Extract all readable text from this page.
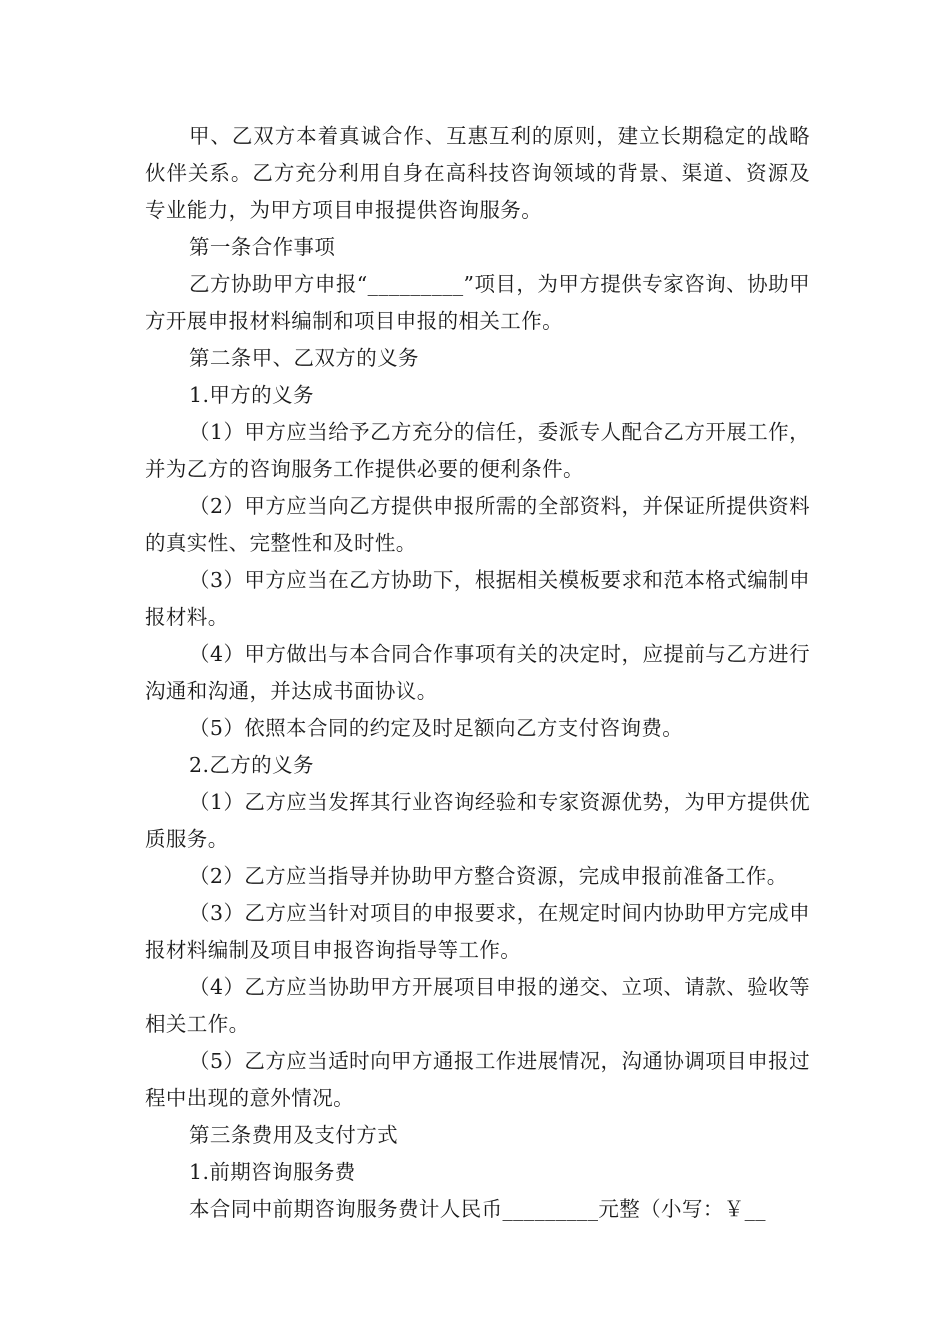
甲、乙双方本着真诚合作、互惠互利的原则，建立长期稳定的战略伙伴关系。乙方充分利用自身在高科技咨询领域的背景、渠道、资源及专业能力，为甲方项目申报提供咨询服务。

第一条合作事项

乙方协助甲方申报“_________”项目，为甲方提供专家咨询、协助甲方开展申报材料编制和项目申报的相关工作。

第二条甲、乙双方的义务

1.甲方的义务

（1）甲方应当给予乙方充分的信任，委派专人配合乙方开展工作，并为乙方的咨询服务工作提供必要的便利条件。

（2）甲方应当向乙方提供申报所需的全部资料，并保证所提供资料的真实性、完整性和及时性。

（3）甲方应当在乙方协助下，根据相关模板要求和范本格式编制申报材料。

（4）甲方做出与本合同合作事项有关的决定时，应提前与乙方进行沟通和沟通，并达成书面协议。

（5）依照本合同的约定及时足额向乙方支付咨询费。

2.乙方的义务

（1）乙方应当发挥其行业咨询经验和专家资源优势，为甲方提供优质服务。

（2）乙方应当指导并协助甲方整合资源，完成申报前准备工作。

（3）乙方应当针对项目的申报要求，在规定时间内协助甲方完成申报材料编制及项目申报咨询指导等工作。

（4）乙方应当协助甲方开展项目申报的递交、立项、请款、验收等相关工作。

（5）乙方应当适时向甲方通报工作进展情况，沟通协调项目申报过程中出现的意外情况。

第三条费用及支付方式

1.前期咨询服务费

本合同中前期咨询服务费计人民币_________元整（小写：￥__
